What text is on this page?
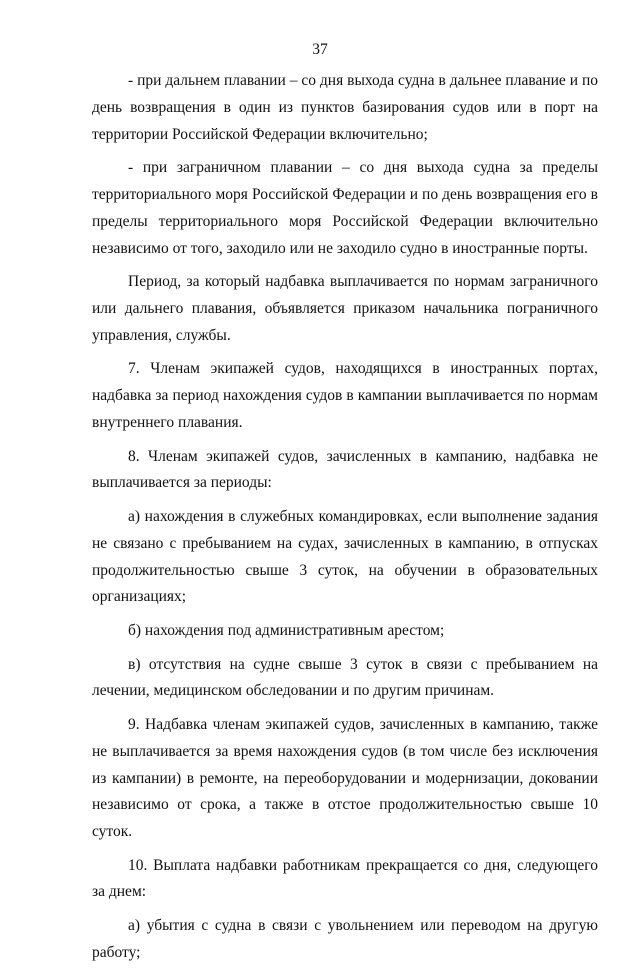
37

- при дальнем плавании – со дня выхода судна в дальнее плавание и по день возвращения в один из пунктов базирования судов или в порт на территории Российской Федерации включительно;

- при заграничном плавании – со дня выхода судна за пределы территориального моря Российской Федерации и по день возвращения его в пределы территориального моря Российской Федерации включительно независимо от того, заходило или не заходило судно в иностранные порты.

Период, за который надбавка выплачивается по нормам заграничного или дальнего плавания, объявляется приказом начальника пограничного управления, службы.

7. Членам экипажей судов, находящихся в иностранных портах, надбавка за период нахождения судов в кампании выплачивается по нормам внутреннего плавания.

8. Членам экипажей судов, зачисленных в кампанию, надбавка не выплачивается за периоды:

а) нахождения в служебных командировках, если выполнение задания не связано с пребыванием на судах, зачисленных в кампанию, в отпусках продолжительностью свыше 3 суток, на обучении в образовательных организациях;

б) нахождения под административным арестом;

в) отсутствия на судне свыше 3 суток в связи с пребыванием на лечении, медицинском обследовании и по другим причинам.

9. Надбавка членам экипажей судов, зачисленных в кампанию, также не выплачивается за время нахождения судов (в том числе без исключения из кампании) в ремонте, на переоборудовании и модернизации, доковании независимо от срока, а также в отстое продолжительностью свыше 10 суток.

10. Выплата надбавки работникам прекращается со дня, следующего за днем:

а) убытия с судна в связи с увольнением или переводом на другую работу;
